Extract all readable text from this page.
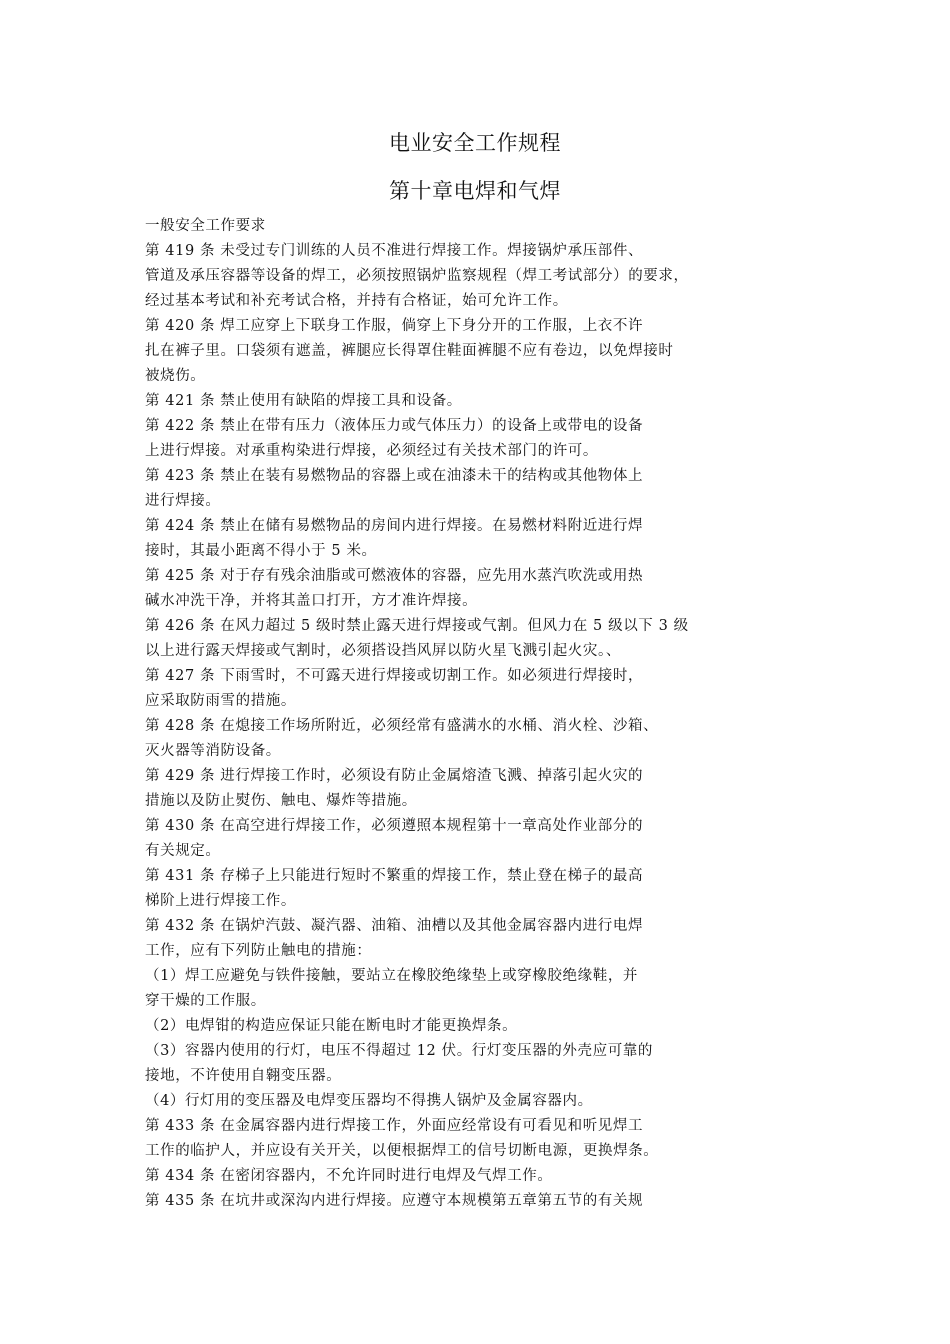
电业安全工作规程
第十章电焊和气焊
一般安全工作要求
第 419 条 未受过专门训练的人员不准进行焊接工作。焊接锅炉承压部件、
管道及承压容器等设备的焊工，必须按照锅炉监察规程（焊工考试部分）的要求，
经过基本考试和补充考试合格，并持有合格证，始可允许工作。
第 420 条 焊工应穿上下联身工作服，倘穿上下身分开的工作服，上衣不许
扎在裤子里。口袋须有遮盖，裤腿应长得罩住鞋面裤腿不应有卷边，以免焊接时
被烧伤。
第 421 条 禁止使用有缺陷的焊接工具和设备。
第 422 条 禁止在带有压力（液体压力或气体压力）的设备上或带电的设备
上进行焊接。对承重构染进行焊接，必须经过有关技术部门的许可。
第 423 条 禁止在装有易燃物品的容器上或在油漆未干的结构或其他物体上
进行焊接。
第 424 条 禁止在储有易燃物品的房间内进行焊接。在易燃材料附近进行焊
接时，其最小距离不得小于 5 米。
第 425 条 对于存有残余油脂或可燃液体的容器，应先用水蒸汽吹洗或用热
碱水冲洗干净，并将其盖口打开，方才准许焊接。
第 426 条 在风力超过 5 级时禁止露天进行焊接或气割。但风力在 5 级以下 3 级
以上进行露天焊接或气割时，必须搭设挡风屏以防火星飞溅引起火灾。、
第 427 条 下雨雪时，不可露天进行焊接或切割工作。如必须进行焊接时，
应采取防雨雪的措施。
第 428 条 在熄接工作场所附近，必须经常有盛满水的水桶、消火栓、沙箱、
灭火器等消防设备。
第 429 条 进行焊接工作时，必须设有防止金属熔渣飞溅、掉落引起火灾的
措施以及防止熨伤、触电、爆炸等措施。
第 430 条 在高空进行焊接工作，必须遵照本规程第十一章高处作业部分的
有关规定。
第 431 条 存梯子上只能进行短时不繁重的焊接工作，禁止登在梯子的最高
梯阶上进行焊接工作。
第 432 条 在锅炉汽鼓、凝汽器、油箱、油槽以及其他金属容器内进行电焊
工作，应有下列防止触电的措施：
（1）焊工应避免与铁件接触，要站立在橡胶绝缘垫上或穿橡胶绝缘鞋，并
穿干燥的工作服。
（2）电焊钳的构造应保证只能在断电时才能更换焊条。
（3）容器内使用的行灯，电压不得超过 12 伏。行灯变压器的外壳应可靠的
接地，不许使用自翱变压器。
（4）行灯用的变压器及电焊变压器均不得携人锅炉及金属容器内。
第 433 条 在金属容器内进行焊接工作，外面应经常设有可看见和听见焊工
工作的临护人，并应设有关开关，以便根据焊工的信号切断电源，更换焊条。
第 434 条 在密闭容器内，不允许同时进行电焊及气焊工作。
第 435 条 在坑井或深沟内进行焊接。应遵守本规模第五章第五节的有关规
